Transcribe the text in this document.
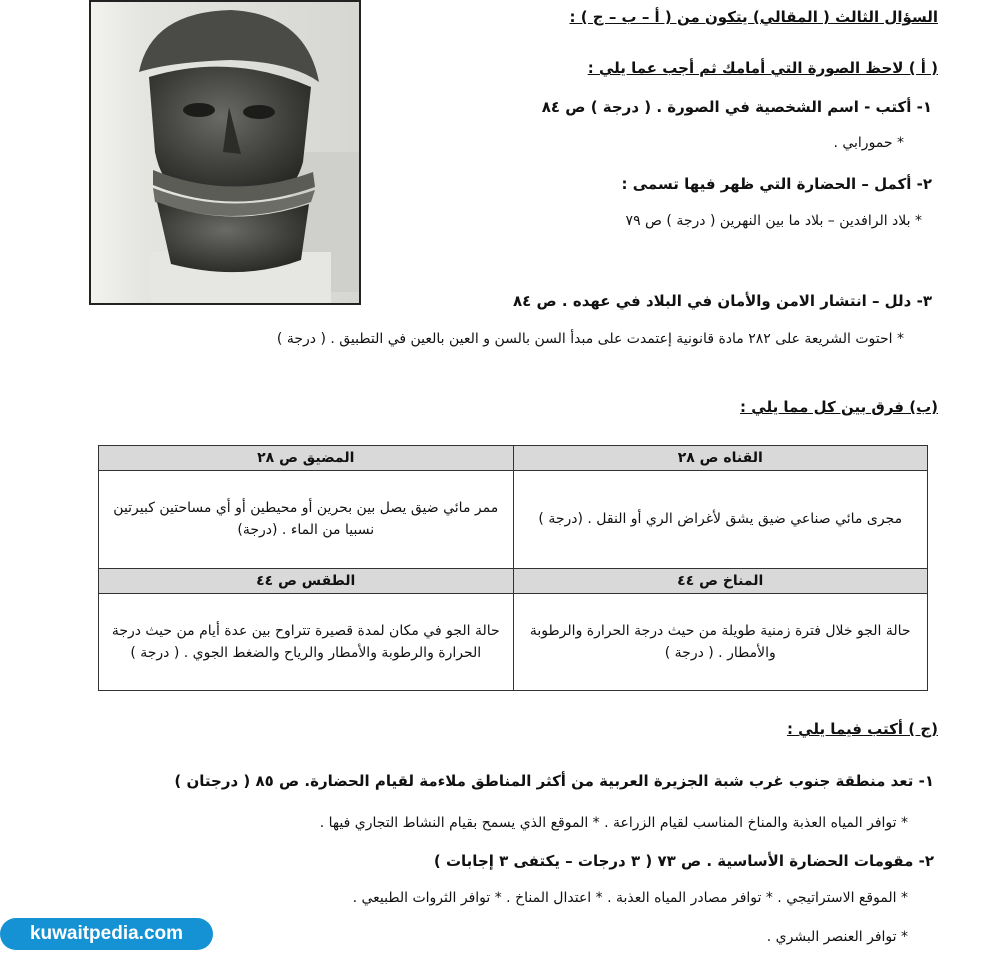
السؤال الثالث ( المقالي) يتكون من ( أ – ب – ج ) :
( أ ) لاحظ الصورة التي أمامك ثم أجب عما يلي :
١- أكتب - اسم الشخصية في الصورة . ( درجة ) ص ٨٤
* حمورابي .
٢- أكمل – الحضارة التي ظهر فيها تسمى :
* بلاد الرافدين – بلاد ما بين النهرين ( درجة ) ص ٧٩
٣- دلل – انتشار الامن والأمان في البلاد في عهده . ص ٨٤
* احتوت الشريعة على ٢٨٢ مادة قانونية إعتمدت على مبدأ السن بالسن و العين بالعين في التطبيق . ( درجة )
(ب) فرق بين كل مما يلي :
القناه ص ٢٨	المضيق ص ٢٨
مجرى مائي صناعي ضيق يشق لأغراض الري أو النقل . (درجة )	ممر مائي ضيق يصل بين بحرين أو محيطين أو أي مساحتين كبيرتين نسبيا من الماء . (درجة)
المناخ ص ٤٤	الطقس ص ٤٤
حالة الجو خلال فترة زمنية طويلة من حيث درجة الحرارة والرطوبة والأمطار . ( درجة )	حالة الجو في مكان لمدة قصيرة تتراوح بين عدة أيام من حيث درجة الحرارة والرطوبة والأمطار والرياح والضغط الجوي . ( درجة )
(ج ) أكتب فيما يلي :
١- تعد منطقة جنوب غرب شبة الجزيرة العربية من أكثر المناطق ملاءمة لقيام الحضارة. ص ٨٥ ( درجتان )
* توافر المياه العذبة والمناخ المناسب لقيام الزراعة . * الموقع الذي يسمح بقيام النشاط التجاري فيها .
٢- مقومات الحضارة الأساسية . ص ٧٣ ( ٣ درجات – يكتفى ٣ إجابات )
* الموقع الاستراتيجي . * توافر مصادر المياه العذبة . * اعتدال المناخ . * توافر الثروات الطبيعي .
* توافر العنصر البشري .
kuwaitpedia.com
